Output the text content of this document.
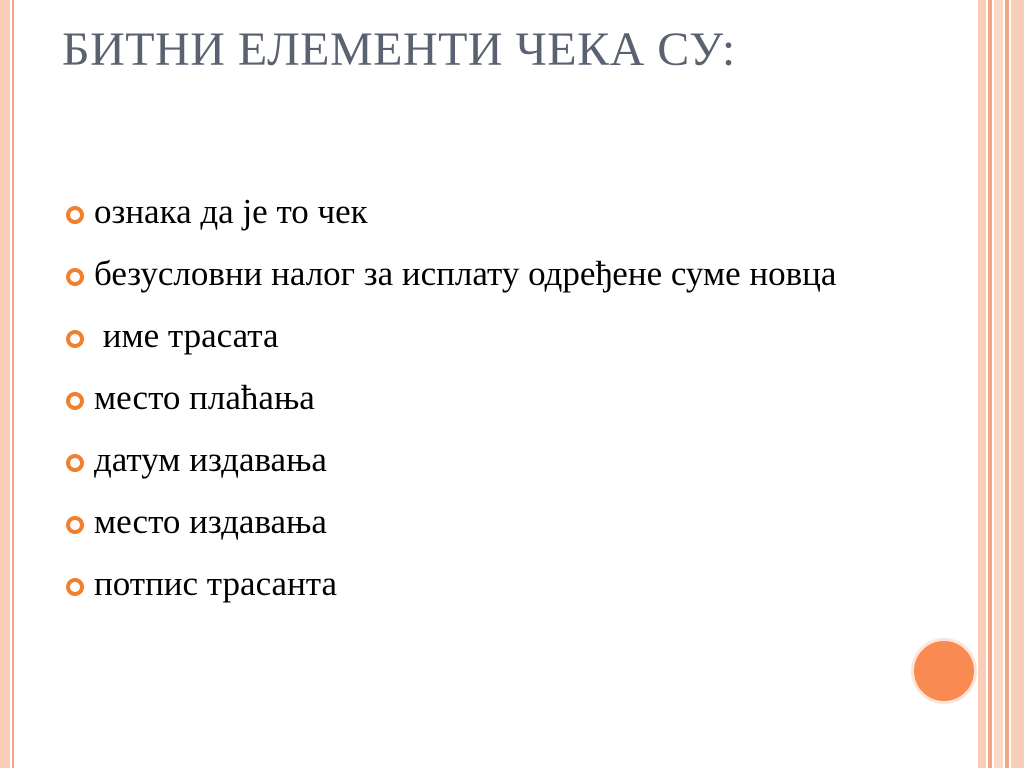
БИТНИ ЕЛЕМЕНТИ ЧЕКА СУ:
ознака да је то чек
безусловни налог за исплату одређене суме новца
име трасата
место плаћања
датум издавања
место издавања
потпис трасанта
